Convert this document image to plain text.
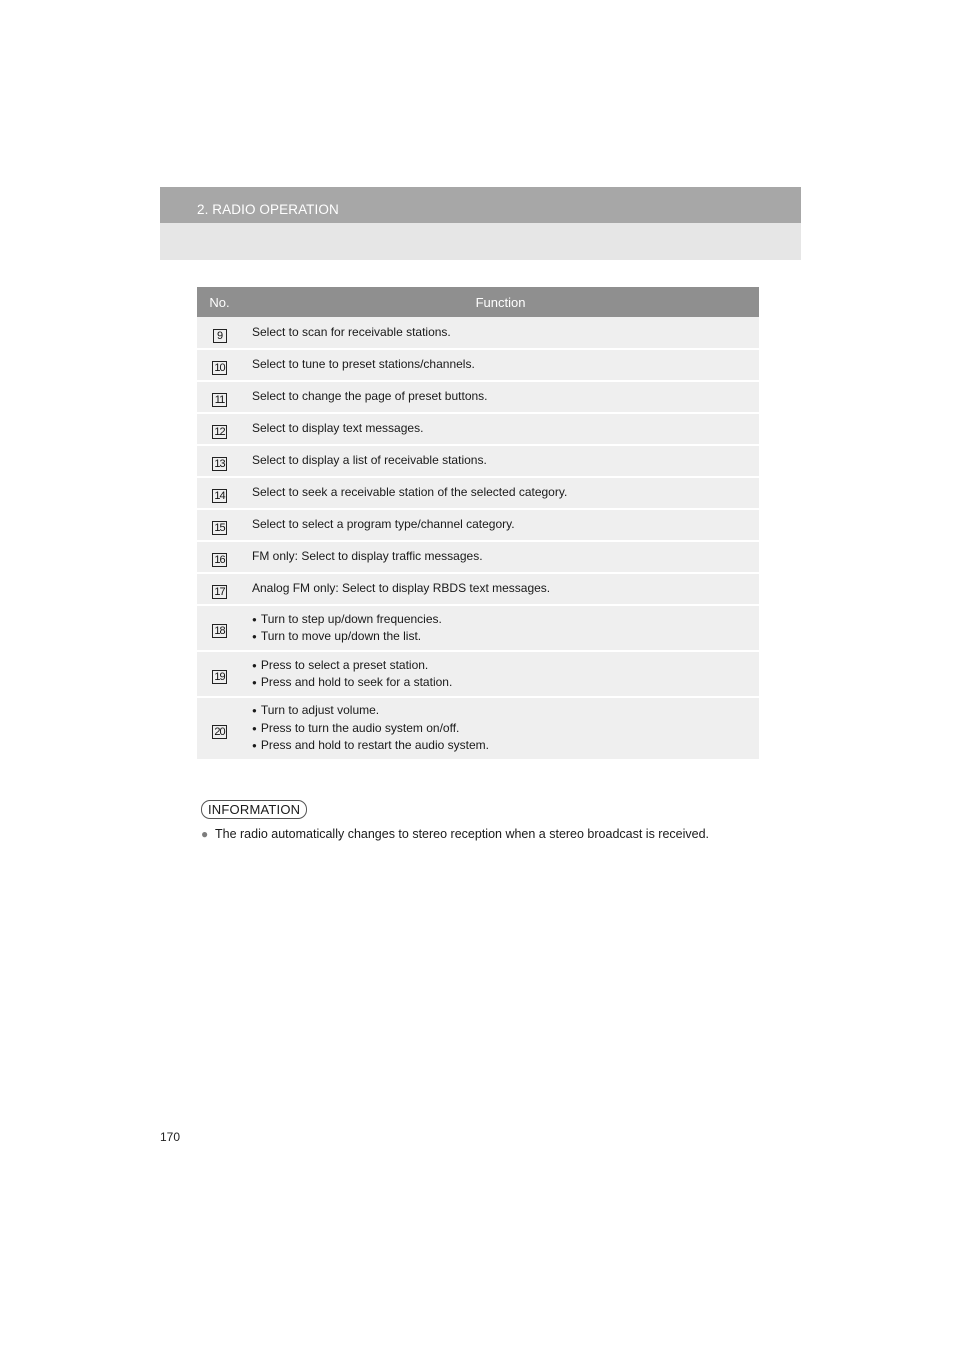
2. RADIO OPERATION
No.	Function
9	Select to scan for receivable stations.

10	Select to tune to preset stations/channels.

11	Select to change the page of preset buttons.

12	Select to display text messages.

13	Select to display a list of receivable stations.

14	Select to seek a receivable station of the selected category.

15	Select to select a program type/channel category.

16	FM only: Select to display traffic messages.

17	Analog FM only: Select to display RBDS text messages.

18	● Turn to step up/down frequencies.
● Turn to move up/down the list.

19	● Press to select a preset station.
● Press and hold to seek for a station.

20	● Turn to adjust volume.
● Press to turn the audio system on/off.
● Press and hold to restart the audio system.
INFORMATION
● The radio automatically changes to stereo reception when a stereo broadcast is received.
170
